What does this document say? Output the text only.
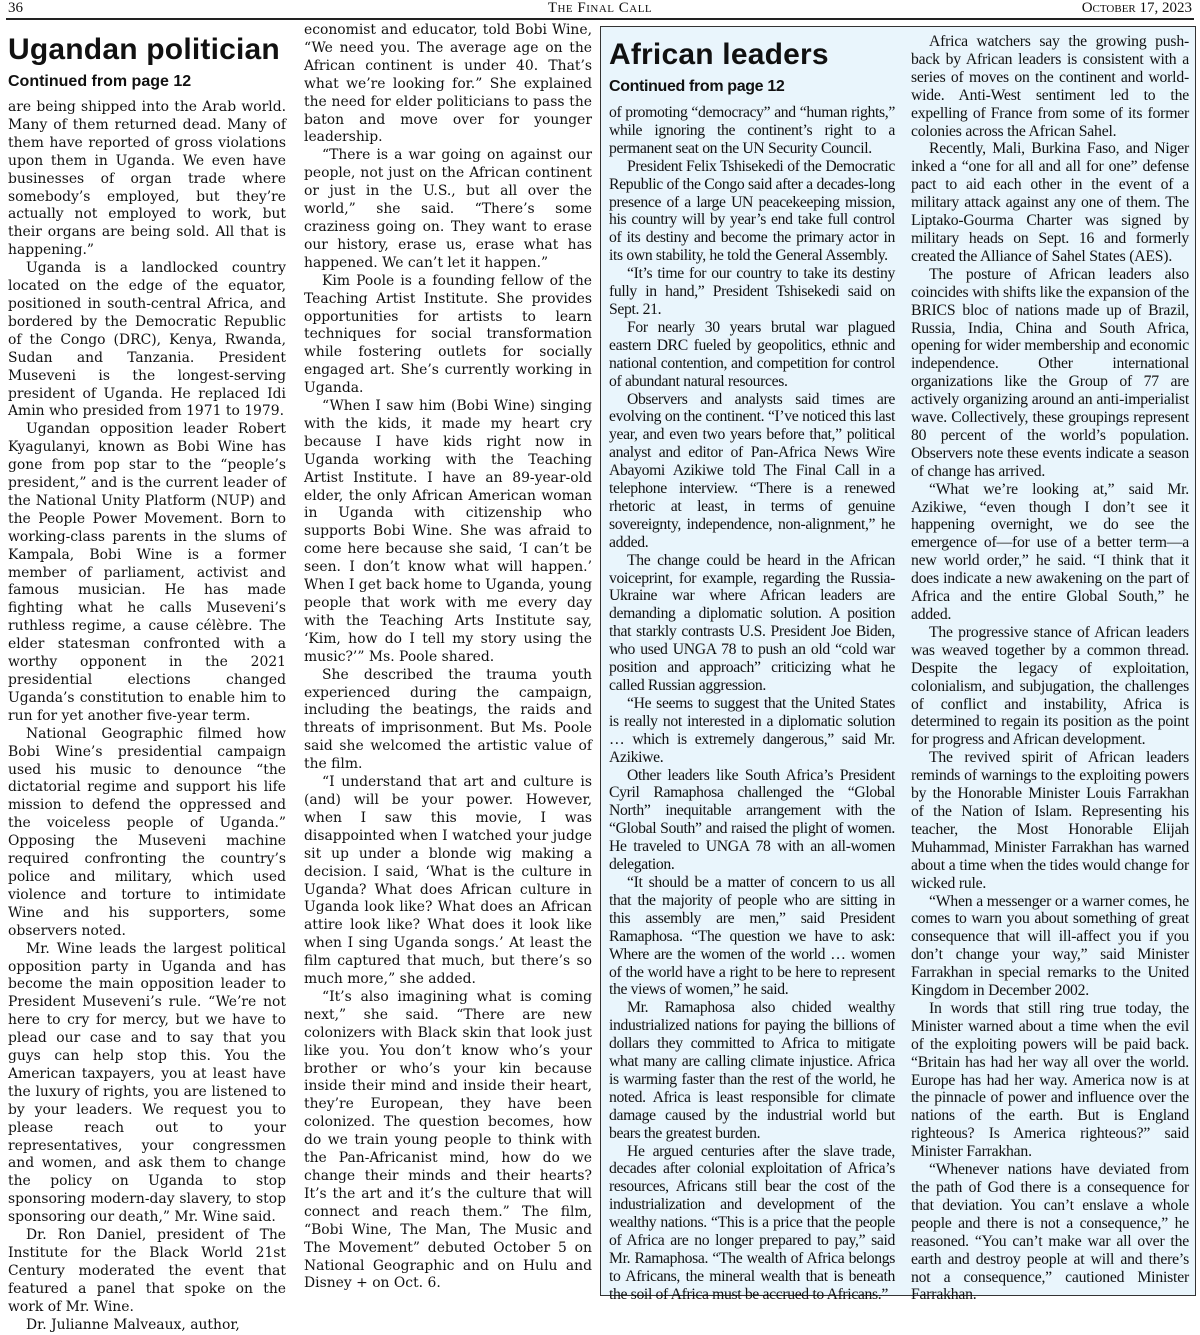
36	The Final Call	October 17, 2023
Ugandan politician
Continued from page 12

are being shipped into the Arab world. Many of them returned dead. Many of them have reported of gross violations upon them in Uganda. We even have businesses of organ trade where somebody’s employed, but they’re actually not employed to work, but their organs are being sold. All that is happening.”

Uganda is a landlocked country located on the edge of the equator, positioned in south-central Africa, and bordered by the Democratic Republic of the Congo (DRC), Kenya, Rwanda, Sudan and Tanzania. President Museveni is the longest-serving president of Uganda. He replaced Idi Amin who presided from 1971 to 1979.

Ugandan opposition leader Robert Kyagulanyi, known as Bobi Wine has gone from pop star to the “people’s president,” and is the current leader of the National Unity Platform (NUP) and the People Power Movement. Born to working-class parents in the slums of Kampala, Bobi Wine is a former member of parliament, activist and famous musician. He has made fighting what he calls Museveni’s ruthless regime, a cause célèbre. The elder statesman confronted with a worthy opponent in the 2021 presidential elections changed Uganda’s constitution to enable him to run for yet another five-year term.

National Geographic filmed how Bobi Wine’s presidential campaign used his music to denounce “the dictatorial regime and support his life mission to defend the oppressed and the voiceless people of Uganda.” Opposing the Museveni machine required confronting the country’s police and military, which used violence and torture to intimidate Wine and his supporters, some observers noted.

Mr. Wine leads the largest political opposition party in Uganda and has become the main opposition leader to President Museveni’s rule. “We’re not here to cry for mercy, but we have to plead our case and to say that you guys can help stop this. You the American taxpayers, you at least have the luxury of rights, you are listened to by your leaders. We request you to please reach out to your representatives, your congressmen and women, and ask them to change the policy on Uganda to stop sponsoring modern-day slavery, to stop sponsoring our death,” Mr. Wine said.

Dr. Ron Daniel, president of The Institute for the Black World 21st Century moderated the event that featured a panel that spoke on the work of Mr. Wine.

Dr. Julianne Malveaux, author,

economist and educator, told Bobi Wine, “We need you. The average age on the African continent is under 40. That’s what we’re looking for.” She explained the need for elder politicians to pass the baton and move over for younger leadership.

“There is a war going on against our people, not just on the African continent or just in the U.S., but all over the world,” she said. “There’s some craziness going on. They want to erase our history, erase us, erase what has happened. We can’t let it happen.”

Kim Poole is a founding fellow of the Teaching Artist Institute. She provides opportunities for artists to learn techniques for social transformation while fostering outlets for socially engaged art. She’s currently working in Uganda.

“When I saw him (Bobi Wine) singing with the kids, it made my heart cry because I have kids right now in Uganda working with the Teaching Artist Institute. I have an 89-year-old elder, the only African American woman in Uganda with citizenship who supports Bobi Wine. She was afraid to come here because she said, ‘I can’t be seen. I don’t know what will happen.’ When I get back home to Uganda, young people that work with me every day with the Teaching Arts Institute say, ‘Kim, how do I tell my story using the music?’” Ms. Poole shared.

She described the trauma youth experienced during the campaign, including the beatings, the raids and threats of imprisonment. But Ms. Poole said she welcomed the artistic value of the film.

“I understand that art and culture is (and) will be your power. However, when I saw this movie, I was disappointed when I watched your judge sit up under a blonde wig making a decision. I said, ‘What is the culture in Uganda? What does African culture in Uganda look like? What does an African attire look like? What does it look like when I sing Uganda songs.’ At least the film captured that much, but there’s so much more,” she added.

“It’s also imagining what is coming next,” she said. “There are new colonizers with Black skin that look just like you. You don’t know who’s your brother or who’s your kin because inside their mind and inside their heart, they’re European, they have been colonized. The question becomes, how do we train young people to think with the Pan-Africanist mind, how do we change their minds and their hearts? It’s the art and it’s the culture that will connect and reach them.” The film, “Bobi Wine, The Man, The Music and The Movement” debuted October 5 on National Geographic and on Hulu and Disney + on Oct. 6.

African leaders
Continued from page 12

of promoting “democracy” and “human rights,” while ignoring the continent’s right to a permanent seat on the UN Security Council.

President Felix Tshisekedi of the Democratic Republic of the Congo said after a decades-long presence of a large UN peacekeeping mission, his country will by year’s end take full control of its destiny and become the primary actor in its own stability, he told the General Assembly.

“It’s time for our country to take its destiny fully in hand,” President Tshisekedi said on Sept. 21.

For nearly 30 years brutal war plagued eastern DRC fueled by geopolitics, ethnic and national contention, and competition for control of abundant natural resources.

Observers and analysts said times are evolving on the continent. “I’ve noticed this last year, and even two years before that,” political analyst and editor of Pan-Africa News Wire Abayomi Azikiwe told The Final Call in a telephone interview. “There is a renewed rhetoric at least, in terms of genuine sovereignty, independence, non-alignment,” he added.

The change could be heard in the African voiceprint, for example, regarding the Russia-Ukraine war where African leaders are demanding a diplomatic solution. A position that starkly contrasts U.S. President Joe Biden, who used UNGA 78 to push an old “cold war position and approach” criticizing what he called Russian aggression.

“He seems to suggest that the United States is really not interested in a diplomatic solution … which is extremely dangerous,” said Mr. Azikiwe.

Other leaders like South Africa’s President Cyril Ramaphosa challenged the “Global North” inequitable arrangement with the “Global South” and raised the plight of women. He traveled to UNGA 78 with an all-women delegation.

“It should be a matter of concern to us all that the majority of people who are sitting in this assembly are men,” said President Ramaphosa. “The question we have to ask: Where are the women of the world … women of the world have a right to be here to represent the views of women,” he said.

Mr. Ramaphosa also chided wealthy industrialized nations for paying the billions of dollars they committed to Africa to mitigate what many are calling climate injustice. Africa is warming faster than the rest of the world, he noted. Africa is least responsible for climate damage caused by the industrial world but bears the greatest burden.

He argued centuries after the slave trade, decades after colonial exploitation of Africa’s resources, Africans still bear the cost of the industrialization and development of the wealthy nations. “This is a price that the people of Africa are no longer prepared to pay,” said Mr. Ramaphosa. “The wealth of Africa belongs to Africans, the mineral wealth that is beneath the soil of Africa must be accrued to Africans.”

Africa watchers say the growing push-back by African leaders is consistent with a series of moves on the continent and world-wide. Anti-West sentiment led to the expelling of France from some of its former colonies across the African Sahel.

Recently, Mali, Burkina Faso, and Niger inked a “one for all and all for one” defense pact to aid each other in the event of a military attack against any one of them. The Liptako-Gourma Charter was signed by military heads on Sept. 16 and formerly created the Alliance of Sahel States (AES).

The posture of African leaders also coincides with shifts like the expansion of the BRICS bloc of nations made up of Brazil, Russia, India, China and South Africa, opening for wider membership and economic independence. Other international organizations like the Group of 77 are actively organizing around an anti-imperialist wave. Collectively, these groupings represent 80 percent of the world’s population. Observers note these events indicate a season of change has arrived.

“What we’re looking at,” said Mr. Azikiwe, “even though I don’t see it happening overnight, we do see the emergence of—for use of a better term—a new world order,” he said. “I think that it does indicate a new awakening on the part of Africa and the entire Global South,” he added.

The progressive stance of African leaders was weaved together by a common thread. Despite the legacy of exploitation, colonialism, and subjugation, the challenges of conflict and instability, Africa is determined to regain its position as the point for progress and African development.

The revived spirit of African leaders reminds of warnings to the exploiting powers by the Honorable Minister Louis Farrakhan of the Nation of Islam. Representing his teacher, the Most Honorable Elijah Muhammad, Minister Farrakhan has warned about a time when the tides would change for wicked rule.

“When a messenger or a warner comes, he comes to warn you about something of great consequence that will ill-affect you if you don’t change your way,” said Minister Farrakhan in special remarks to the United Kingdom in December 2002.

In words that still ring true today, the Minister warned about a time when the evil of the exploiting powers will be paid back. “Britain has had her way all over the world. Europe has had her way. America now is at the pinnacle of power and influence over the nations of the earth. But is England righteous? Is America righteous?” said Minister Farrakhan.

“Whenever nations have deviated from the path of God there is a consequence for that deviation. You can’t enslave a whole people and there is not a consequence,” he reasoned. “You can’t make war all over the earth and destroy people at will and there’s not a consequence,” cautioned Minister Farrakhan.
